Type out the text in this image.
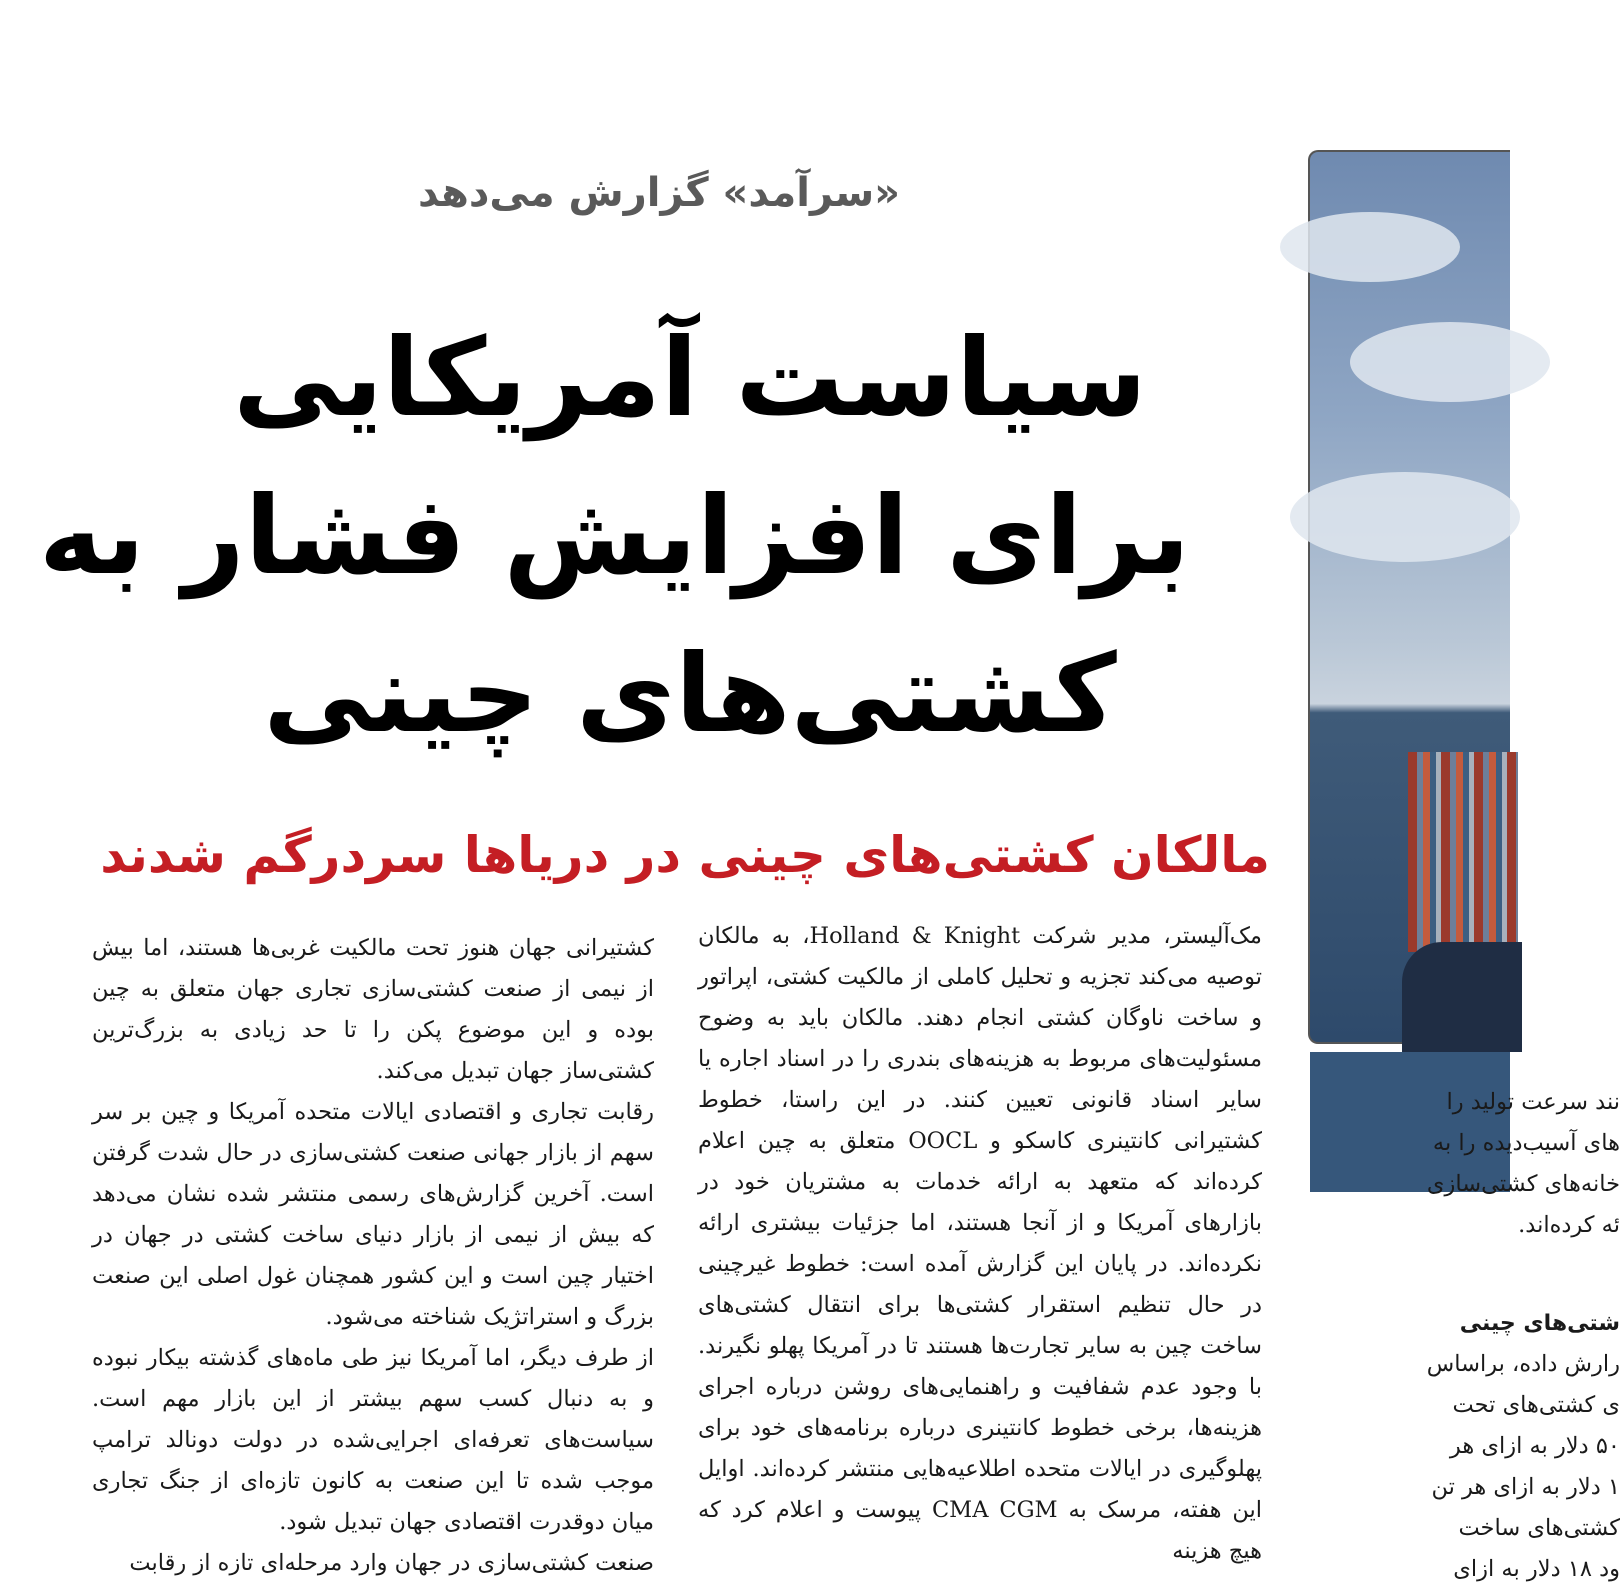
«سرآمد» گزارش می‌دهد
سیاست آمریکایی
برای افزایش فشار به
کشتی‌های چینی
مالکان کشتی‌های چینی در دریاها سردرگم شدند

مک‌آلیستر، مدیر شرکت Holland & Knight، به مالکان توصیه می‌کند تجزیه و تحلیل کاملی از مالکیت کشتی، اپراتور و ساخت ناوگان کشتی انجام دهند. مالکان باید به وضوح مسئولیت‌های مربوط به هزینه‌های بندری را در اسناد اجاره یا سایر اسناد قانونی تعیین کنند. در این راستا، خطوط کشتیرانی کانتینری کاسکو و OOCL متعلق به چین اعلام کرده‌اند که متعهد به ارائه خدمات به مشتریان خود در بازارهای آمریکا و از آنجا هستند، اما جزئیات بیشتری ارائه نکرده‌اند. در پایان این گزارش آمده است: خطوط غیرچینی در حال تنظیم استقرار کشتی‌ها برای انتقال کشتی‌های ساخت چین به سایر تجارت‌ها هستند تا در آمریکا پهلو نگیرند. با وجود عدم شفافیت و راهنمایی‌های روشن درباره اجرای هزینه‌ها، برخی خطوط کانتینری درباره برنامه‌های خود برای پهلوگیری در ایالات متحده اطلاعیه‌هایی منتشر کرده‌اند. اوایل این هفته، مرسک به CMA CGM پیوست و اعلام کرد که هیچ هزینه

کشتیرانی جهان هنوز تحت مالکیت غربی‌ها هستند، اما بیش از نیمی از صنعت کشتی‌سازی تجاری جهان متعلق به چین بوده و این موضوع پکن را تا حد زیادی به بزرگ‌ترین کشتی‌ساز جهان تبدیل می‌کند.

رقابت تجاری و اقتصادی ایالات متحده آمریکا و چین بر سر سهم از بازار جهانی صنعت کشتی‌سازی در حال شدت گرفتن است. آخرین گزارش‌های رسمی منتشر شده نشان می‌دهد که بیش از نیمی از بازار دنیای ساخت کشتی در جهان در اختیار چین است و این کشور همچنان غول اصلی این صنعت بزرگ و استراتژیک شناخته می‌شود.

از طرف دیگر، اما آمریکا نیز طی ماه‌های گذشته بیکار نبوده و به دنبال کسب سهم بیشتر از این بازار مهم است. سیاست‌های تعرفه‌ای اجرایی‌شده در دولت دونالد ترامپ موجب شده تا این صنعت به کانون تازه‌ای از جنگ تجاری میان دوقدرت اقتصادی جهان تبدیل شود.

صنعت کشتی‌سازی در جهان وارد مرحله‌ای تازه از رقابت

نند سرعت تولید را
های آسیب‌دیده را به
خانه‌های کشتی‌سازی
ئه کرده‌اند.
شتی‌های چینی
رارش داده، براساس
ی کشتی‌های تحت
۵۰ دلار به ازای هر
۱ دلار به ازای هر تن
کشتی‌های ساخت
ود ۱۸ دلار به ازای
